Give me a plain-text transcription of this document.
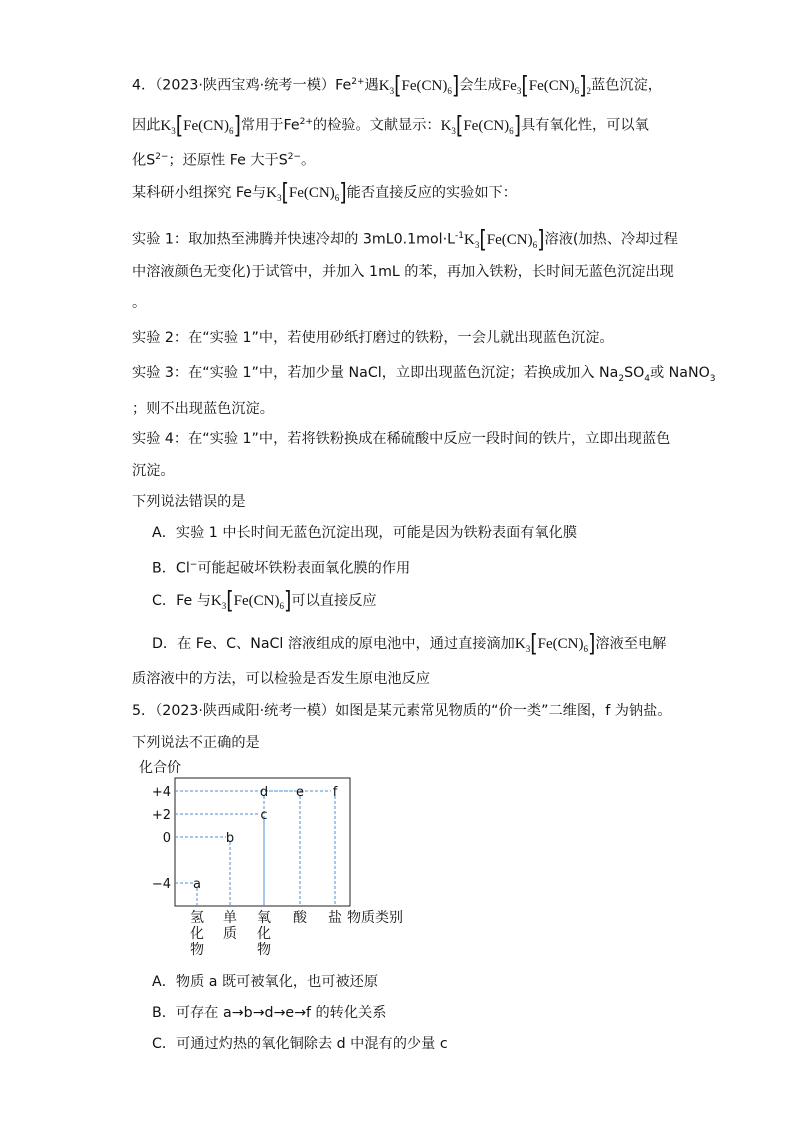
4．（2023·陕西宝鸡·统考一模）$Fe^{2+}$遇$K_3[Fe(CN)_6]$会生成$Fe_3[Fe(CN)_6]_2$蓝色沉淀，
因此$K_3[Fe(CN)_6]$常用于$Fe^{2+}$的检验。文献显示：$K_3[Fe(CN)_6]$具有氧化性，可以氧
化$S^{2-}$；还原性 Fe 大于$S^{2-}$。
某科研小组探究 Fe与$K_3[Fe(CN)_6]$能否直接反应的实验如下：
实验 1：取加热至沸腾并快速冷却的 $3mL0.1mol\cdot L^{-1}K_3[Fe(CN)_6]$溶液(加热、冷却过程
中溶液颜色无变化)于试管中，并加入 1mL 的苯，再加入铁粉，长时间无蓝色沉淀出现
。
实验 2：在“实验 1”中，若使用砂纸打磨过的铁粉，一会儿就出现蓝色沉淀。
实验 3：在“实验 1”中，若加少量 NaCl，立即出现蓝色沉淀；若换成加入 $Na_2SO_4$或 NaNO$_3$
；则不出现蓝色沉淀。
实验 4：在“实验 1”中，若将铁粉换成在稀硫酸中反应一段时间的铁片，立即出现蓝色
沉淀。
下列说法错误的是
A．实验 1 中长时间无蓝色沉淀出现，可能是因为铁粉表面有氧化膜
B．Cl−可能起破坏铁粉表面氧化膜的作用
C．Fe 与$K_3[Fe(CN)_6]$可以直接反应
D．在 Fe、C、NaCl 溶液组成的原电池中，通过直接滴加$K_3[Fe(CN)_6]$溶液至电解
质溶液中的方法，可以检验是否发生原电池反应
5．（2023·陕西咸阳·统考一模）如图是某元素常见物质的“价一类”二维图，f 为钠盐。
下列说法不正确的是
化合价
+4
+2
0
−4 a
b
c
d e f
氢
化
物
单
质
氧
化
物
酸 盐 物质类别
A．物质 a 既可被氧化，也可被还原
B．可存在 a→b→d→e→f 的转化关系
C．可通过灼热的氧化铜除去 d 中混有的少量 c
